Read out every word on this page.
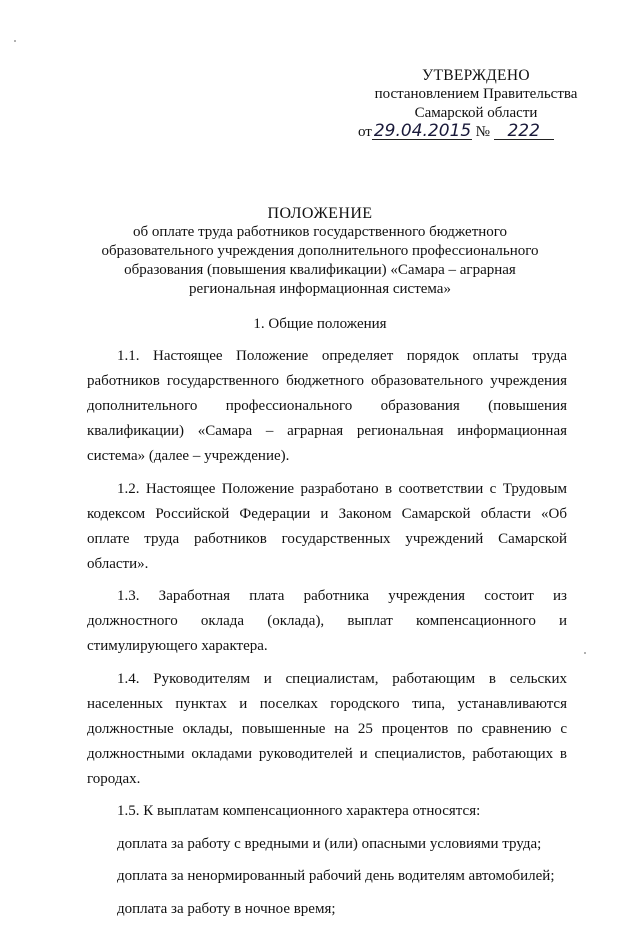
УТВЕРЖДЕНО
постановлением Правительства
Самарской области
от 29.04.2015 № 222
ПОЛОЖЕНИЕ
об оплате труда работников государственного бюджетного
образовательного учреждения дополнительного профессионального
образования (повышения квалификации) «Самара – аграрная
региональная информационная система»
1. Общие положения

1.1. Настоящее Положение определяет порядок оплаты труда работников государственного бюджетного образовательного учреждения дополнительного профессионального образования (повышения квалификации) «Самара – аграрная региональная информационная система» (далее – учреждение).

1.2. Настоящее Положение разработано в соответствии с Трудовым кодексом Российской Федерации и Законом Самарской области «Об оплате труда работников государственных учреждений Самарской области».

1.3. Заработная плата работника учреждения состоит из должностного оклада (оклада), выплат компенсационного и стимулирующего характера.

1.4. Руководителям и специалистам, работающим в сельских населенных пунктах и поселках городского типа, устанавливаются должностные оклады, повышенные на 25 процентов по сравнению с должностными окладами руководителей и специалистов, работающих в городах.

1.5. К выплатам компенсационного характера относятся:

доплата за работу с вредными и (или) опасными условиями труда;

доплата за ненормированный рабочий день водителям автомобилей;

доплата за работу в ночное время;
